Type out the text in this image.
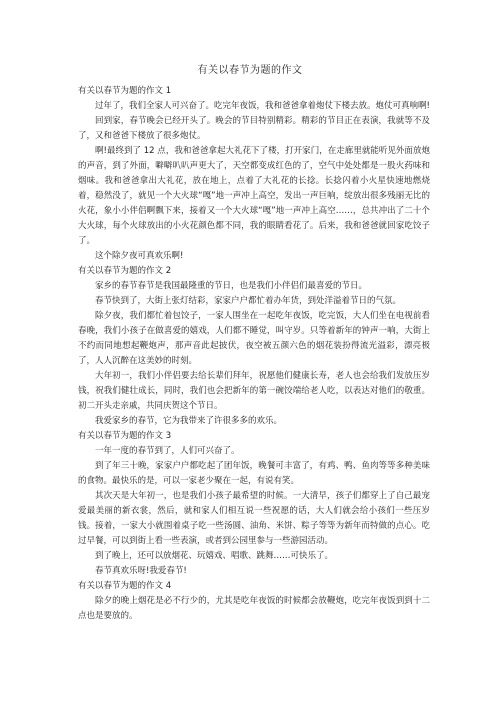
有关以春节为题的作文

有关以春节为题的作文 1

过年了，我们全家人可兴奋了。吃完年夜饭，我和爸爸拿着炮仗下楼去放。炮仗可真响啊!

回到家，春节晚会已经开头了。晚会的节目特别精彩。精彩的节目正在表演，我就等不及了，又和爸爸下楼放了很多炮仗。

啊!最终到了 12 点，我和爸爸拿起大礼花下了楼，打开家门，在走廊里就能听见外面放炮的声音，到了外面，噼噼叭叭声更大了，天空都变成红色的了，空气中处处都是一股火药味和烟味。我和爸爸拿出大礼花，放在地上，点着了大礼花的长捻。长捻闪着小火星快速地燃烧着，稳然没了，就见一个大火球“嘎”地一声冲上高空，发出一声巨响，绽放出很多残丽无比的火花，象小小伴侣啊飘下来，接着又一个大火球“嘎”地一声冲上高空……，总共冲出了二十个大火球，每个火球放出的小火花颜色都不同，我的眼睛看花了。后来，我和爸爸就回家吃饺子了。

这个除夕夜可真欢乐啊!

有关以春节为题的作文 2

家乡的春节春节是我国最隆重的节日，也是我们小伴侣们最喜爱的节日。

春节快到了，大街上张灯结彩，家家户户都忙着办年货，到处洋溢着节日的气氛。

除夕夜，我们都忙着包饺子，一家人围坐在一起吃年夜饭，吃完饭，大人们坐在电视前看春晚，我们小孩子在做喜爱的嬉戏，人们都不睡觉，叫守岁。只等着新年的钟声一响，大街上不约而同地想起鞭炮声，那声音此起披伏，夜空被五颜六色的烟花装扮得流光溢彩，漂亮极了，人人沉醉在这美妙的时刻。

大年初一，我们小伴侣要去给长辈们拜年，祝愿他们健康长寿，老人也会给我们发放压岁钱，祝我们健壮成长，同时，我们也会把新年的第一碗饺端给老人吃，以表达对他们的敬重。初二开头走亲戚，共同庆贺这个节日。

我爱家乡的春节，它为我带来了许很多多的欢乐。

有关以春节为题的作文 3

一年一度的春节到了，人们可兴奋了。

到了年三十晚，家家户户都吃起了团年饭，晚餐可丰富了，有鸡、鸭、鱼肉等等多种美味的食物。最快乐的是，可以一家老少聚在一起，有说有笑。

其次天是大年初一，也是我们小孩子最希望的时候。一大清早，孩子们都穿上了自己最宠爱最美丽的新衣裳，然后，就和家人们相互说一些祝愿的话，大人们就会给小孩们一些压岁钱。接着，一家大小就围着桌子吃一些汤圆、油角、米饼、粽子等等为新年而特做的点心。吃过早餐，可以到街上看一些表演，或者到公园里参与一些游园活动。

到了晚上，还可以放烟花、玩嬉戏、唱歌、跳舞……可快乐了。

春节真欢乐呀!我爱春节!

有关以春节为题的作文 4

除夕的晚上烟花是必不行少的，尤其是吃年夜饭的时候都会放鞭炮，吃完年夜饭到到十二点也是要放的。
